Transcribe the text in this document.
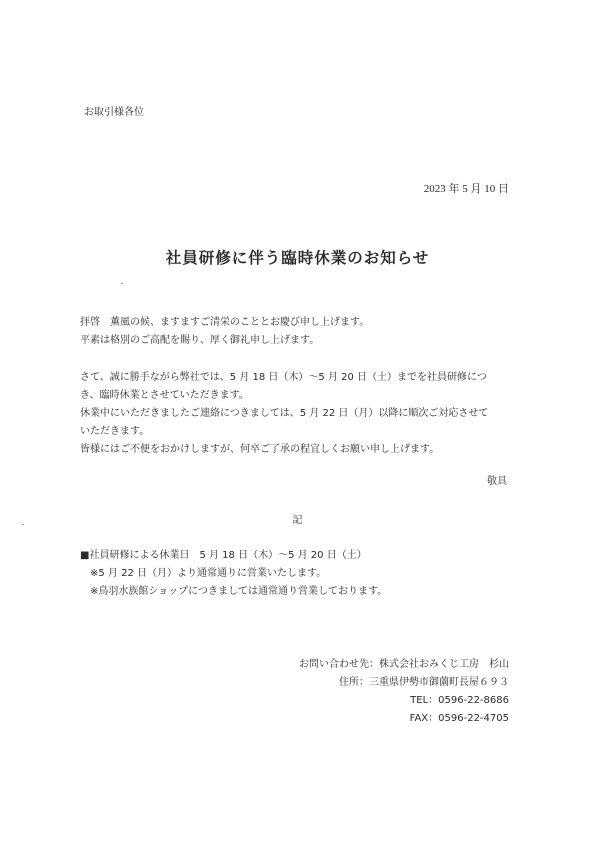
お取引様各位
2023 年 5 月 10 日
社員研修に伴う臨時休業のお知らせ
拝啓　薫風の候、ますますご清栄のこととお慶び申し上げます。
平素は格別のご高配を賜り、厚く御礼申し上げます。
さて、誠に勝手ながら弊社では、5 月 18 日（木）～5 月 20 日（土）までを社員研修につ
き、臨時休業とさせていただきます。
休業中にいただきましたご連絡につきましては、5 月 22 日（月）以降に順次ご対応させて
いただきます。
皆様にはご不便をおかけしますが、何卒ご了承の程宜しくお願い申し上げます。
敬具
記
■社員研修による休業日　5 月 18 日（木）～5 月 20 日（土）
　※5 月 22 日（月）より通常通りに営業いたします。
　※鳥羽水族館ショップにつきましては通常通り営業しております。
お問い合わせ先：株式会社おみくじ工房　杉山
住所：三重県伊勢市御薗町長屋６９３
TEL：0596-22-8686
FAX：0596-22-4705
